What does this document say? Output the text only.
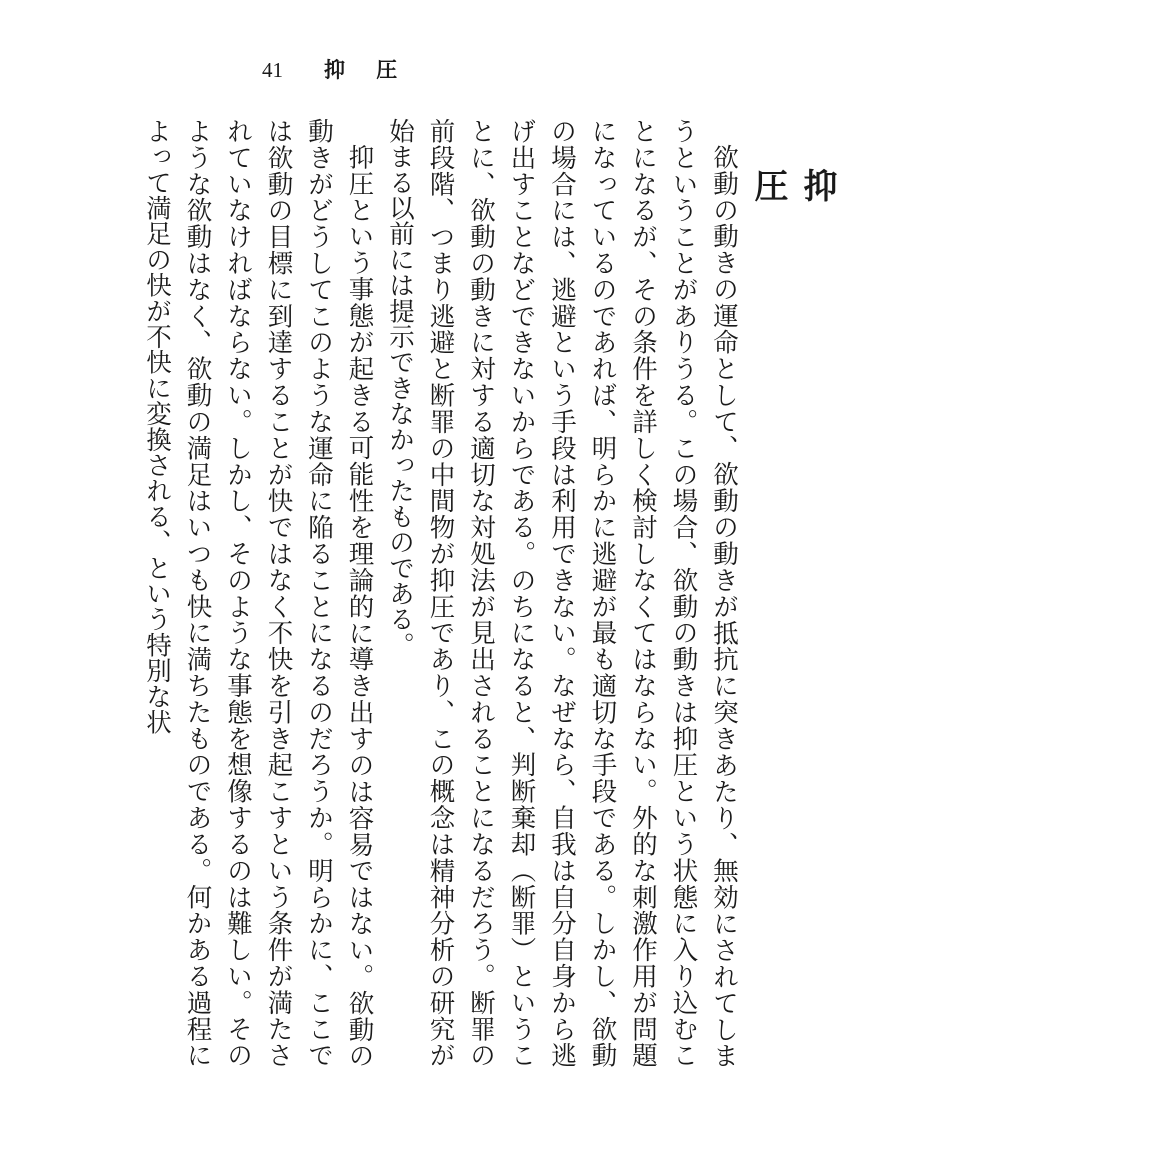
41 抑 圧
抑圧

欲動の動きの運命として、欲動の動きが抵抗に突きあたり、無効にされてしまうということがありうる。この場合、欲動の動きは抑圧という状態に入り込むことになるが、その条件を詳しく検討しなくてはならない。外的な刺激作用が問題になっているのであれば、明らかに逃避が最も適切な手段である。しかし、欲動の場合には、逃避という手段は利用できない。なぜなら、自我は自分自身から逃げ出すことなどできないからである。のちになると、判断棄却（断罪）ということに、欲動の動きに対する適切な対処法が見出されることになるだろう。断罪の前段階、つまり逃避と断罪の中間物が抑圧であり、この概念は精神分析の研究が始まる以前には提示できなかったものである。

抑圧という事態が起きる可能性を理論的に導き出すのは容易ではない。欲動の動きがどうしてこのような運命に陥ることになるのだろうか。明らかに、ここでは欲動の目標に到達することが快ではなく不快を引き起こすという条件が満たされていなければならない。しかし、そのような事態を想像するのは難しい。そのような欲動はなく、欲動の満足はいつも快に満ちたものである。何かある過程によって満足の快が不快に変換される、という特別な状
